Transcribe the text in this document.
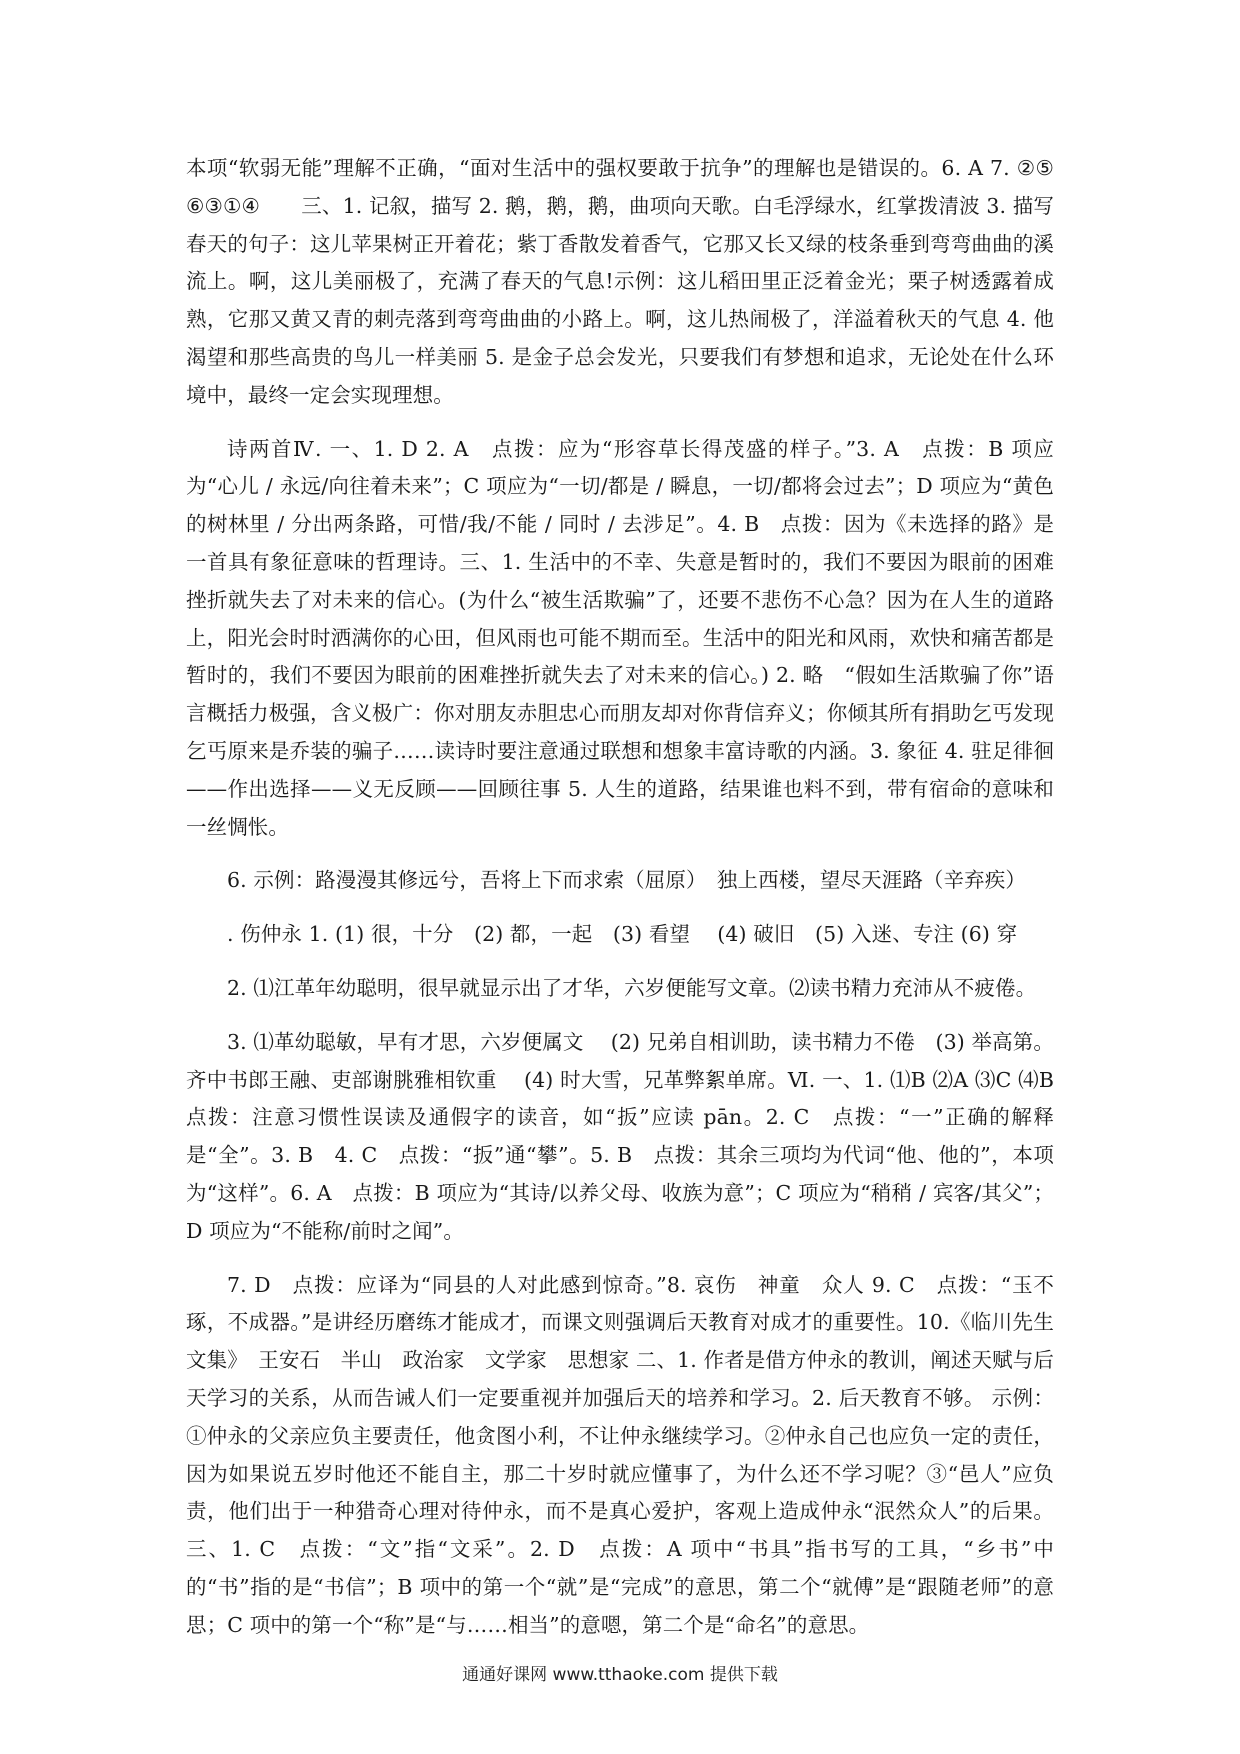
本项“软弱无能”理解不正确，“面对生活中的强权要敢于抗争”的理解也是错误的。6. A 7. ②⑤⑥③①④　　三、1. 记叙，描写 2. 鹅，鹅，鹅，曲项向天歌。白毛浮绿水，红掌拨清波 3. 描写春天的句子：这儿苹果树正开着花；紫丁香散发着香气，它那又长又绿的枝条垂到弯弯曲曲的溪流上。啊，这儿美丽极了，充满了春天的气息!示例：这儿稻田里正泛着金光；栗子树透露着成熟，它那又黄又青的刺壳落到弯弯曲曲的小路上。啊，这儿热闹极了，洋溢着秋天的气息 4. 他渴望和那些高贵的鸟儿一样美丽 5. 是金子总会发光，只要我们有梦想和追求，无论处在什么环境中，最终一定会实现理想。

诗两首Ⅳ. 一、1. D 2. A　点拨：应为“形容草长得茂盛的样子。”3. A　点拨：B 项应为“心儿 / 永远/向往着未来”；C 项应为“一切/都是 / 瞬息，一切/都将会过去”；D 项应为“黄色的树林里 / 分出两条路，可惜/我/不能 / 同时 / 去涉足”。4. B　点拨：因为《未选择的路》是一首具有象征意味的哲理诗。三、1. 生活中的不幸、失意是暂时的，我们不要因为眼前的困难挫折就失去了对未来的信心。(为什么“被生活欺骗”了，还要不悲伤不心急？因为在人生的道路上，阳光会时时洒满你的心田，但风雨也可能不期而至。生活中的阳光和风雨，欢快和痛苦都是暂时的，我们不要因为眼前的困难挫折就失去了对未来的信心。) 2. 略　“假如生活欺骗了你”语言概括力极强，含义极广：你对朋友赤胆忠心而朋友却对你背信弃义；你倾其所有捐助乞丐发现乞丐原来是乔装的骗子……读诗时要注意通过联想和想象丰富诗歌的内涵。3. 象征 4. 驻足徘徊——作出选择——义无反顾——回顾往事 5. 人生的道路，结果谁也料不到，带有宿命的意味和一丝惆怅。

6. 示例：路漫漫其修远兮，吾将上下而求索（屈原）　独上西楼，望尽天涯路（辛弃疾）

. 伤仲永 1. (1) 很，十分　(2) 都，一起　(3) 看望　 (4) 破旧　(5) 入迷、专注 (6) 穿

2. ⑴江革年幼聪明，很早就显示出了才华，六岁便能写文章。⑵读书精力充沛从不疲倦。

3. ⑴革幼聪敏，早有才思，六岁便属文　 (2) 兄弟自相训助，读书精力不倦　(3) 举高第。齐中书郎王融、吏部谢朓雅相钦重　 (4) 时大雪，兄革弊絮单席。Ⅵ. 一、1. ⑴B ⑵A ⑶C ⑷B　 点拨：注意习惯性误读及通假字的读音，如“扳”应读 pān。2. C　点拨：“一”正确的解释是“全”。3. B　4. C　点拨：“扳”通“攀”。5. B　点拨：其余三项均为代词“他、他的”，本项为“这样”。6. A　点拨：B 项应为“其诗/以养父母、收族为意”；C 项应为“稍稍 / 宾客/其父”；D 项应为“不能称/前时之闻”。

7. D　点拨：应译为“同县的人对此感到惊奇。”8. 哀伤　神童　众人 9. C　点拨：“玉不琢，不成器。”是讲经历磨练才能成才，而课文则强调后天教育对成才的重要性。10.《临川先生文集》　王安石　半山　政治家　文学家　思想家 二、1. 作者是借方仲永的教训，阐述天赋与后天学习的关系，从而告诫人们一定要重视并加强后天的培养和学习。2. 后天教育不够。 示例：①仲永的父亲应负主要责任，他贪图小利，不让仲永继续学习。②仲永自己也应负一定的责任，因为如果说五岁时他还不能自主，那二十岁时就应懂事了，为什么还不学习呢？③“邑人”应负责，他们出于一种猎奇心理对待仲永，而不是真心爱护，客观上造成仲永“泯然众人”的后果。三、1. C　点拨：“文”指“文采”。2. D　点拨：A 项中“书具”指书写的工具，“乡书”中的“书”指的是“书信”；B 项中的第一个“就”是“完成”的意思，第二个“就傅”是“跟随老师”的意思；C 项中的第一个“称”是“与……相当”的意嗯，第二个是“命名”的意思。

通通好课网 www.tthaoke.com 提供下载
